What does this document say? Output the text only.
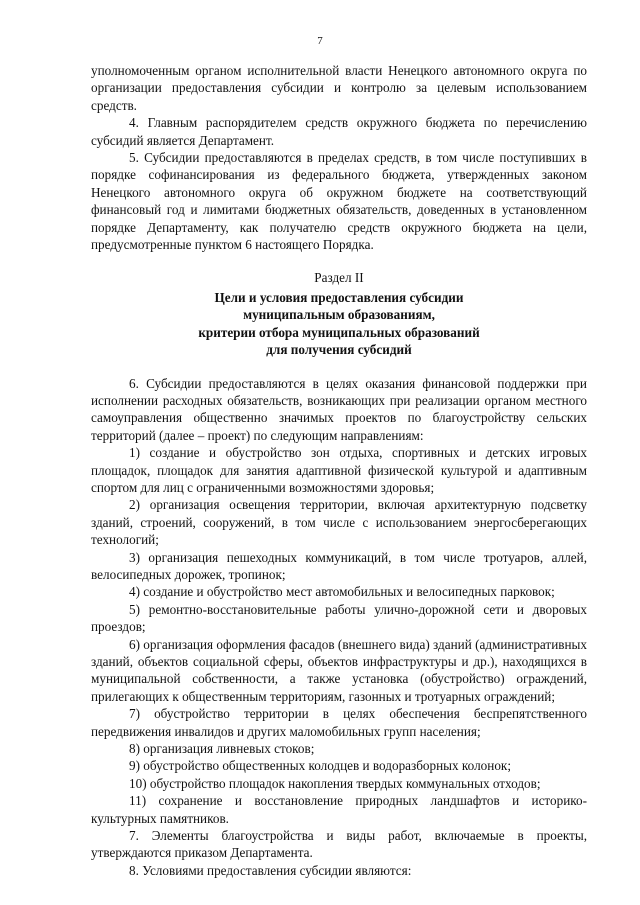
7

уполномоченным органом исполнительной власти Ненецкого автономного округа по организации предоставления субсидии и контролю за целевым использованием средств.

4. Главным распорядителем средств окружного бюджета по перечислению субсидий является Департамент.

5. Субсидии предоставляются в пределах средств, в том числе поступивших в порядке софинансирования из федерального бюджета, утвержденных законом Ненецкого автономного округа об окружном бюджете на соответствующий финансовый год и лимитами бюджетных обязательств, доведенных в установленном порядке Департаменту, как получателю средств окружного бюджета на цели, предусмотренные пунктом 6 настоящего Порядка.

Раздел II

Цели и условия предоставления субсидии

муниципальным образованиям,

критерии отбора муниципальных образований

для получения субсидий

6. Субсидии предоставляются в целях оказания финансовой поддержки при исполнении расходных обязательств, возникающих при реализации органом местного самоуправления общественно значимых проектов по благоустройству сельских территорий (далее – проект) по следующим направлениям:

1) создание и обустройство зон отдыха, спортивных и детских игровых площадок, площадок для занятия адаптивной физической культурой и адаптивным спортом для лиц с ограниченными возможностями здоровья;

2) организация освещения территории, включая архитектурную подсветку зданий, строений, сооружений, в том числе с использованием энергосберегающих технологий;

3) организация пешеходных коммуникаций, в том числе тротуаров, аллей, велосипедных дорожек, тропинок;

4) создание и обустройство мест автомобильных и велосипедных парковок;

5) ремонтно-восстановительные работы улично-дорожной сети и дворовых проездов;

6) организация оформления фасадов (внешнего вида) зданий (административных зданий, объектов социальной сферы, объектов инфраструктуры и др.), находящихся в муниципальной собственности, а также установка (обустройство) ограждений, прилегающих к общественным территориям, газонных и тротуарных ограждений;

7) обустройство территории в целях обеспечения беспрепятственного передвижения инвалидов и других маломобильных групп населения;

8) организация ливневых стоков;

9) обустройство общественных колодцев и водоразборных колонок;

10) обустройство площадок накопления твердых коммунальных отходов;

11) сохранение и восстановление природных ландшафтов и историко-культурных памятников.

7. Элементы благоустройства и виды работ, включаемые в проекты, утверждаются приказом Департамента.

8. Условиями предоставления субсидии являются:
